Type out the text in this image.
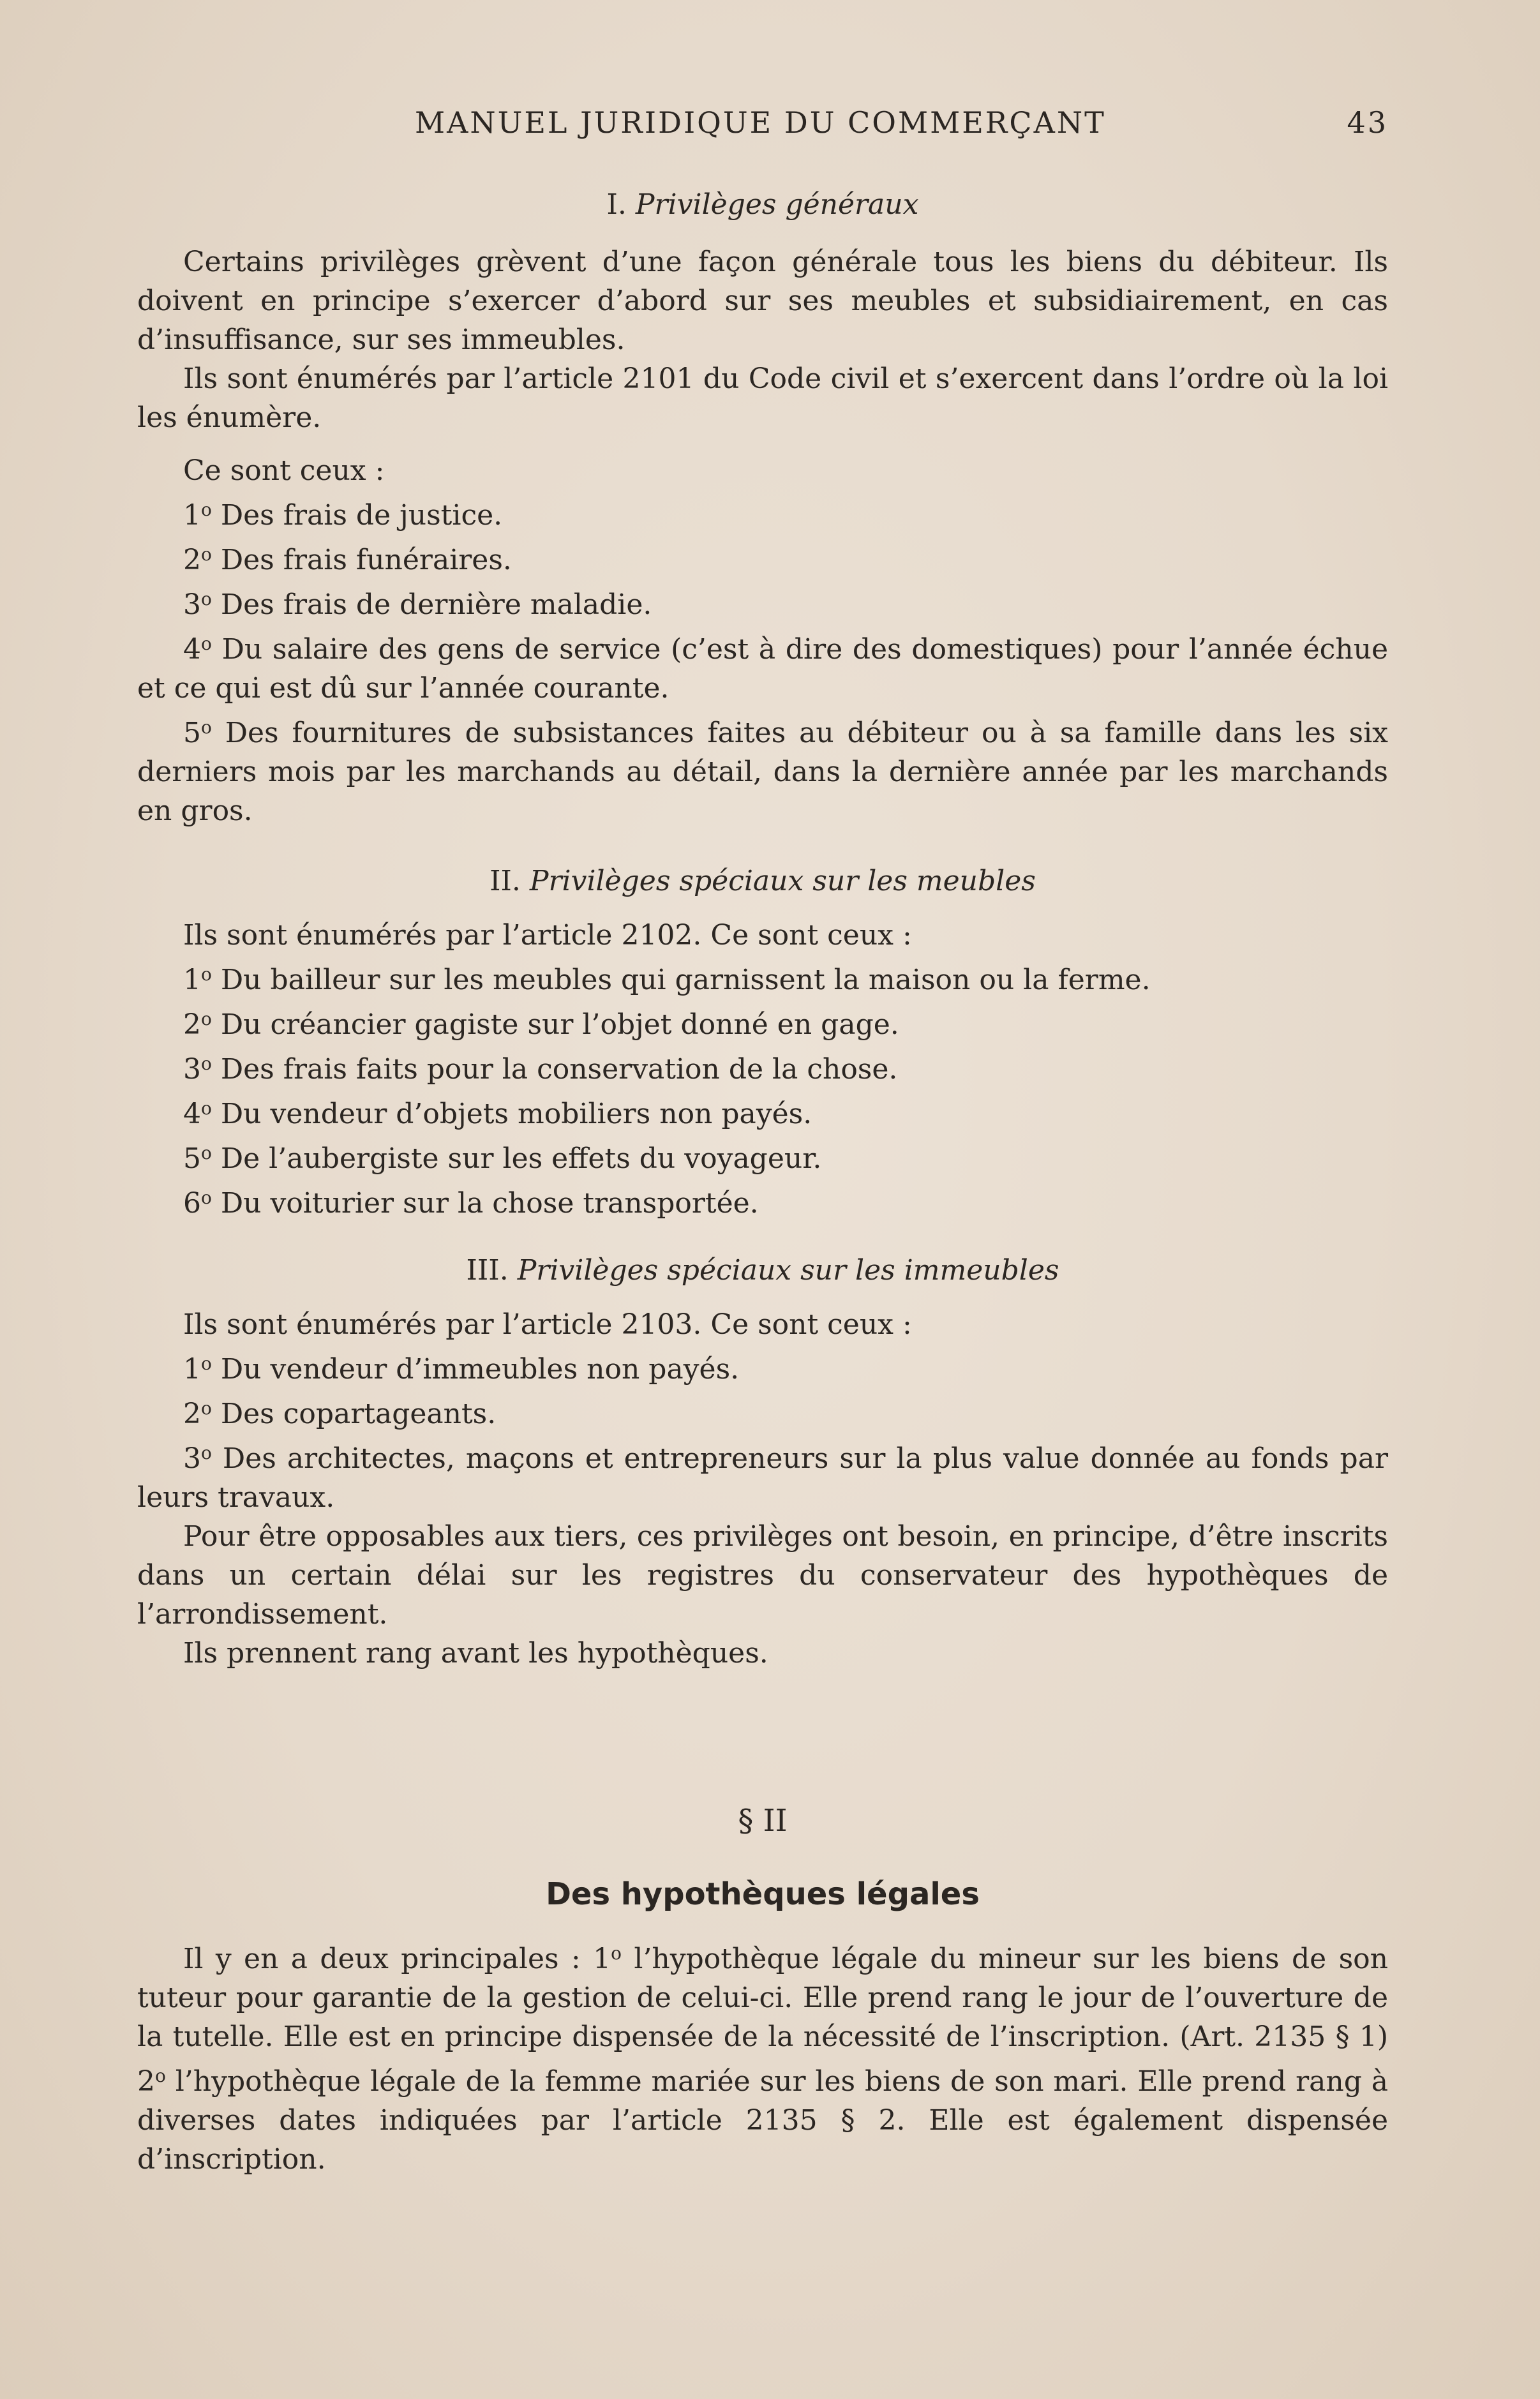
MANUEL JURIDIQUE DU COMMERÇANT	43
I. Privilèges généraux

Certains privilèges grèvent d’une façon générale tous les biens du débiteur. Ils doivent en principe s’exercer d’abord sur ses meubles et subsidiairement, en cas d’insuffisance, sur ses immeubles.

Ils sont énumérés par l’article 2101 du Code civil et s’exercent dans l’ordre où la loi les énumère.

Ce sont ceux :

1$^o$ Des frais de justice.

2$^o$ Des frais funéraires.

3$^o$ Des frais de dernière maladie.

4$^o$ Du salaire des gens de service (c’est à dire des domestiques) pour l’année échue et ce qui est dû sur l’année courante.

5$^o$ Des fournitures de subsistances faites au débiteur ou à sa famille dans les six derniers mois par les marchands au détail, dans la dernière année par les marchands en gros.

II. Privilèges spéciaux sur les meubles

Ils sont énumérés par l’article 2102. Ce sont ceux :

1$^o$ Du bailleur sur les meubles qui garnissent la maison ou la ferme.

2$^o$ Du créancier gagiste sur l’objet donné en gage.

3$^o$ Des frais faits pour la conservation de la chose.

4$^o$ Du vendeur d’objets mobiliers non payés.

5$^o$ De l’aubergiste sur les effets du voyageur.

6$^o$ Du voiturier sur la chose transportée.

III. Privilèges spéciaux sur les immeubles

Ils sont énumérés par l’article 2103. Ce sont ceux :

1$^o$ Du vendeur d’immeubles non payés.

2$^o$ Des copartageants.

3$^o$ Des architectes, maçons et entrepreneurs sur la plus value donnée au fonds par leurs travaux.

Pour être opposables aux tiers, ces privilèges ont besoin, en principe, d’être inscrits dans un certain délai sur les registres du conservateur des hypothèques de l’arrondissement.

Ils prennent rang avant les hypothèques.

§ II
Des hypothèques légales

Il y en a deux principales : 1$^o$ l’hypothèque légale du mineur sur les biens de son tuteur pour garantie de la gestion de celui-ci. Elle prend rang le jour de l’ouverture de la tutelle. Elle est en principe dispensée de la nécessité de l’inscription. (Art. 2135 § 1) 2$^o$ l’hypothèque légale de la femme mariée sur les biens de son mari. Elle prend rang à diverses dates indiquées par l’article 2135 § 2. Elle est également dispensée d’inscription.
